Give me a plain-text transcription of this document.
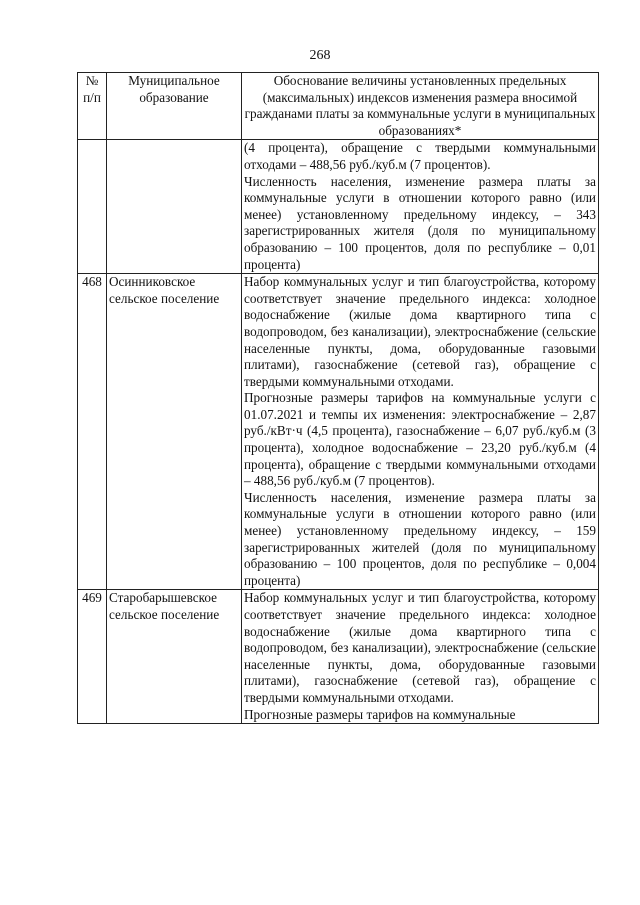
268
№ п/п	Муниципальное образование	Обоснование величины установленных предельных (максимальных) индексов изменения размера вносимой гражданами платы за коммунальные услуги в муниципальных образованиях*

		(4 процента), обращение с твердыми коммунальными отходами – 488,56 руб./куб.м (7 процентов).

Численность населения, изменение размера платы за коммунальные услуги в отношении которого равно (или менее) установленному предельному индексу, – 343 зарегистрированных жителя (доля по муниципальному образованию – 100 процентов, доля по республике – 0,01 процента)

468	Осинниковское сельское поселение	Набор коммунальных услуг и тип благоустройства, которому соответствует значение предельного индекса: холодное водоснабжение (жилые дома квартирного типа с водопроводом, без канализации), электроснабжение (сельские населенные пункты, дома, оборудованные газовыми плитами), газоснабжение (сетевой газ), обращение с твердыми коммунальными отходами.

Прогнозные размеры тарифов на коммунальные услуги с 01.07.2021 и темпы их изменения: электроснабжение – 2,87 руб./кВт·ч (4,5 процента), газоснабжение – 6,07 руб./куб.м (3 процента), холодное водоснабжение – 23,20 руб./куб.м (4 процента), обращение с твердыми коммунальными отходами – 488,56 руб./куб.м (7 процентов).

Численность населения, изменение размера платы за коммунальные услуги в отношении которого равно (или менее) установленному предельному индексу, – 159 зарегистрированных жителей (доля по муниципальному образованию – 100 процентов, доля по республике – 0,004 процента)

469	Старобарышевское сельское поселение	Набор коммунальных услуг и тип благоустройства, которому соответствует значение предельного индекса: холодное водоснабжение (жилые дома квартирного типа с водопроводом, без канализации), электроснабжение (сельские населенные пункты, дома, оборудованные газовыми плитами), газоснабжение (сетевой газ), обращение с твердыми коммунальными отходами.

Прогнозные размеры тарифов на коммунальные
